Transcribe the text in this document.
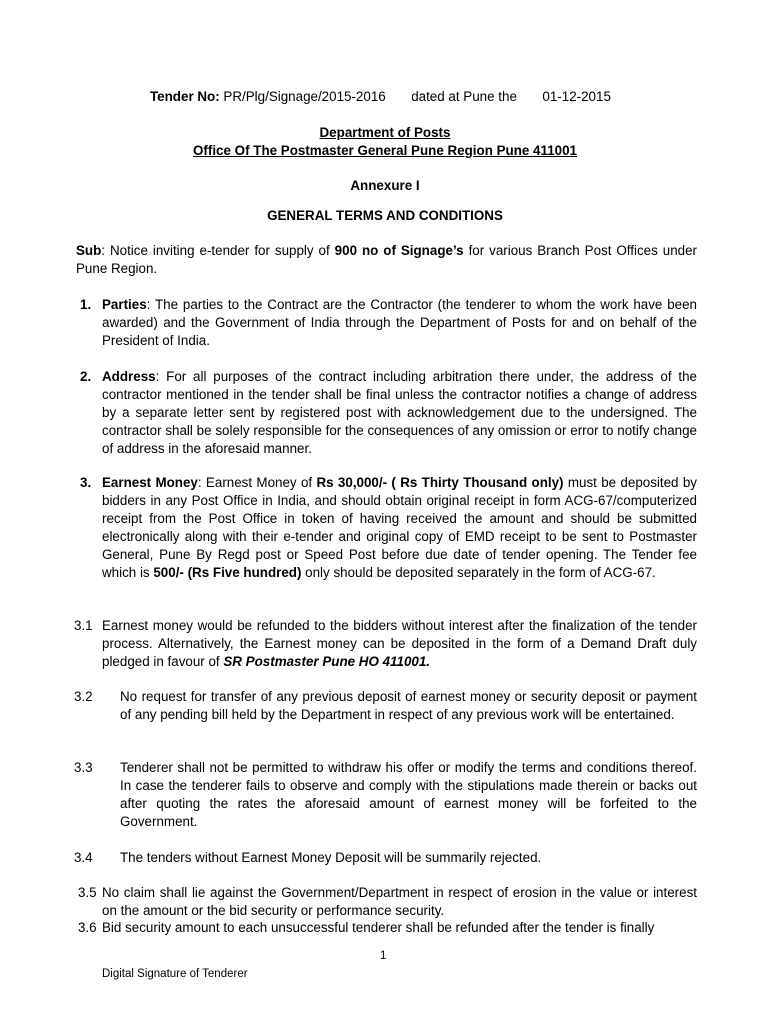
Tender No: PR/Plg/Signage/2015-2016 dated at Pune the 01-12-2015
Department of Posts
Office Of The Postmaster General Pune Region Pune 411001
Annexure I
GENERAL TERMS AND CONDITIONS
Sub: Notice inviting e-tender for supply of 900 no of Signage’s for various Branch Post Offices under Pune Region.
1. Parties: The parties to the Contract are the Contractor (the tenderer to whom the work have been awarded) and the Government of India through the Department of Posts for and on behalf of the President of India.
2. Address: For all purposes of the contract including arbitration there under, the address of the contractor mentioned in the tender shall be final unless the contractor notifies a change of address by a separate letter sent by registered post with acknowledgement due to the undersigned. The contractor shall be solely responsible for the consequences of any omission or error to notify change of address in the aforesaid manner.
3. Earnest Money: Earnest Money of Rs 30,000/- ( Rs Thirty Thousand only) must be deposited by bidders in any Post Office in India, and should obtain original receipt in form ACG-67/computerized receipt from the Post Office in token of having received the amount and should be submitted electronically along with their e-tender and original copy of EMD receipt to be sent to Postmaster General, Pune By Regd post or Speed Post before due date of tender opening. The Tender fee which is 500/- (Rs Five hundred) only should be deposited separately in the form of ACG-67.
3.1 Earnest money would be refunded to the bidders without interest after the finalization of the tender process. Alternatively, the Earnest money can be deposited in the form of a Demand Draft duly pledged in favour of SR Postmaster Pune HO 411001.
3.2 No request for transfer of any previous deposit of earnest money or security deposit or payment of any pending bill held by the Department in respect of any previous work will be entertained.
3.3 Tenderer shall not be permitted to withdraw his offer or modify the terms and conditions thereof. In case the tenderer fails to observe and comply with the stipulations made therein or backs out after quoting the rates the aforesaid amount of earnest money will be forfeited to the Government.
3.4 The tenders without Earnest Money Deposit will be summarily rejected.
3.5 No claim shall lie against the Government/Department in respect of erosion in the value or interest on the amount or the bid security or performance security.
3.6 Bid security amount to each unsuccessful tenderer shall be refunded after the tender is finally
1
Digital Signature of Tenderer
